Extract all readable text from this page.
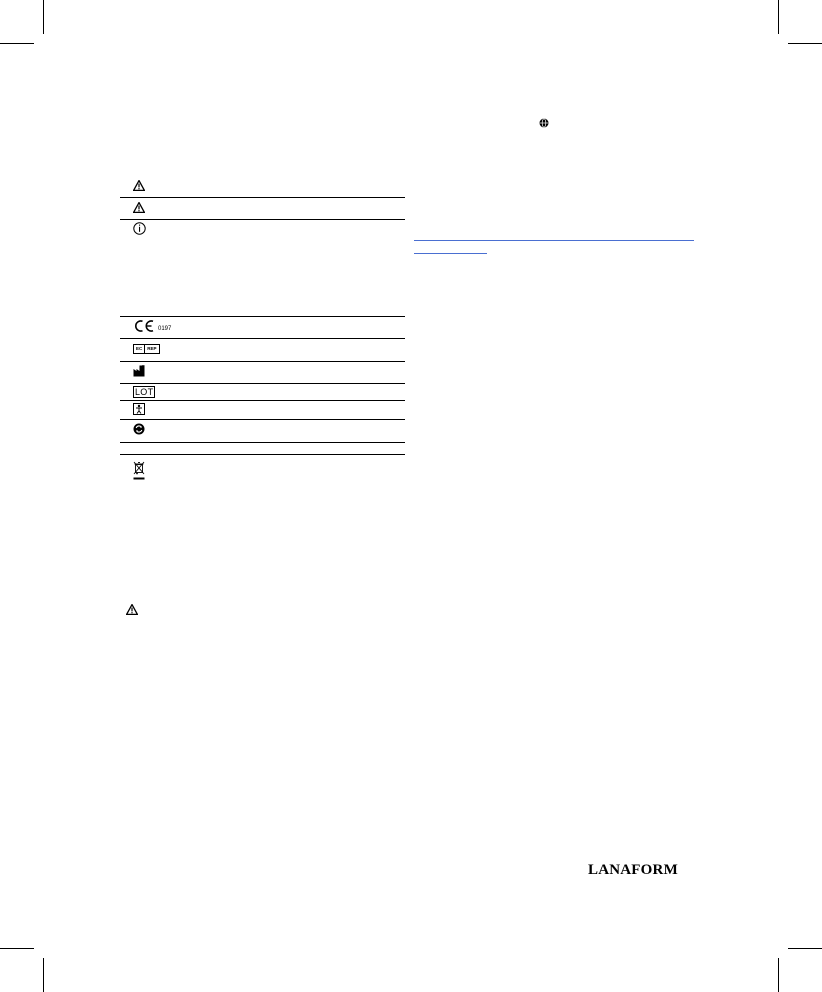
0197
EC	REP
LOT
LANAFORM
